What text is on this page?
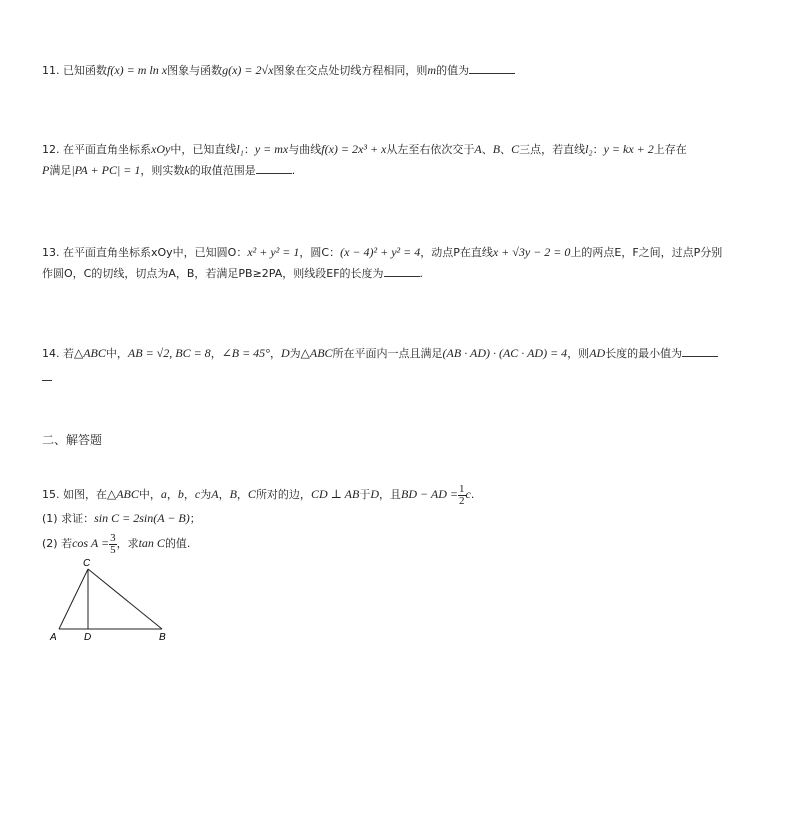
11. 已知函数f(x) = m ln x图象与函数g(x) = 2√x图象在交点处切线方程相同，则m的值为
12. 在平面直角坐标系xOy中，已知直线l₁：y = mx与曲线f(x) = 2x³ + x从左至右依次交于A、B、C三点，若直线l₂：y = kx + 2上存在
P满足|PA + PC| = 1，则实数k的取值范围是	.
13. 在平面直角坐标系xOy中，已知圆O：x² + y² = 1，圆C：(x − 4)² + y² = 4，动点P在直线x + √3y − 2 = 0上的两点E，F之间，过点P分别
作圆O，C的切线，切点为A，B，若满足PB≥2PA，则线段EF的长度为	.
14. 若△ABC中，AB = √2, BC = 8，∠B = 45°，D为△ABC所在平面内一点且满足(AB · AD) · (AC · AD) = 4，则AD长度的最小值为
二、解答题
15. 如图，在△ABC中，a，b，c为A，B，C所对的边，CD ⊥ AB于D，且BD − AD = $\frac{1}{2} c$.
(1) 求证：sin C = 2sin(A − B)；
(2) 若$\cos A = \frac{3}{5}$ ，求tan C的值.
C
A	D	B
